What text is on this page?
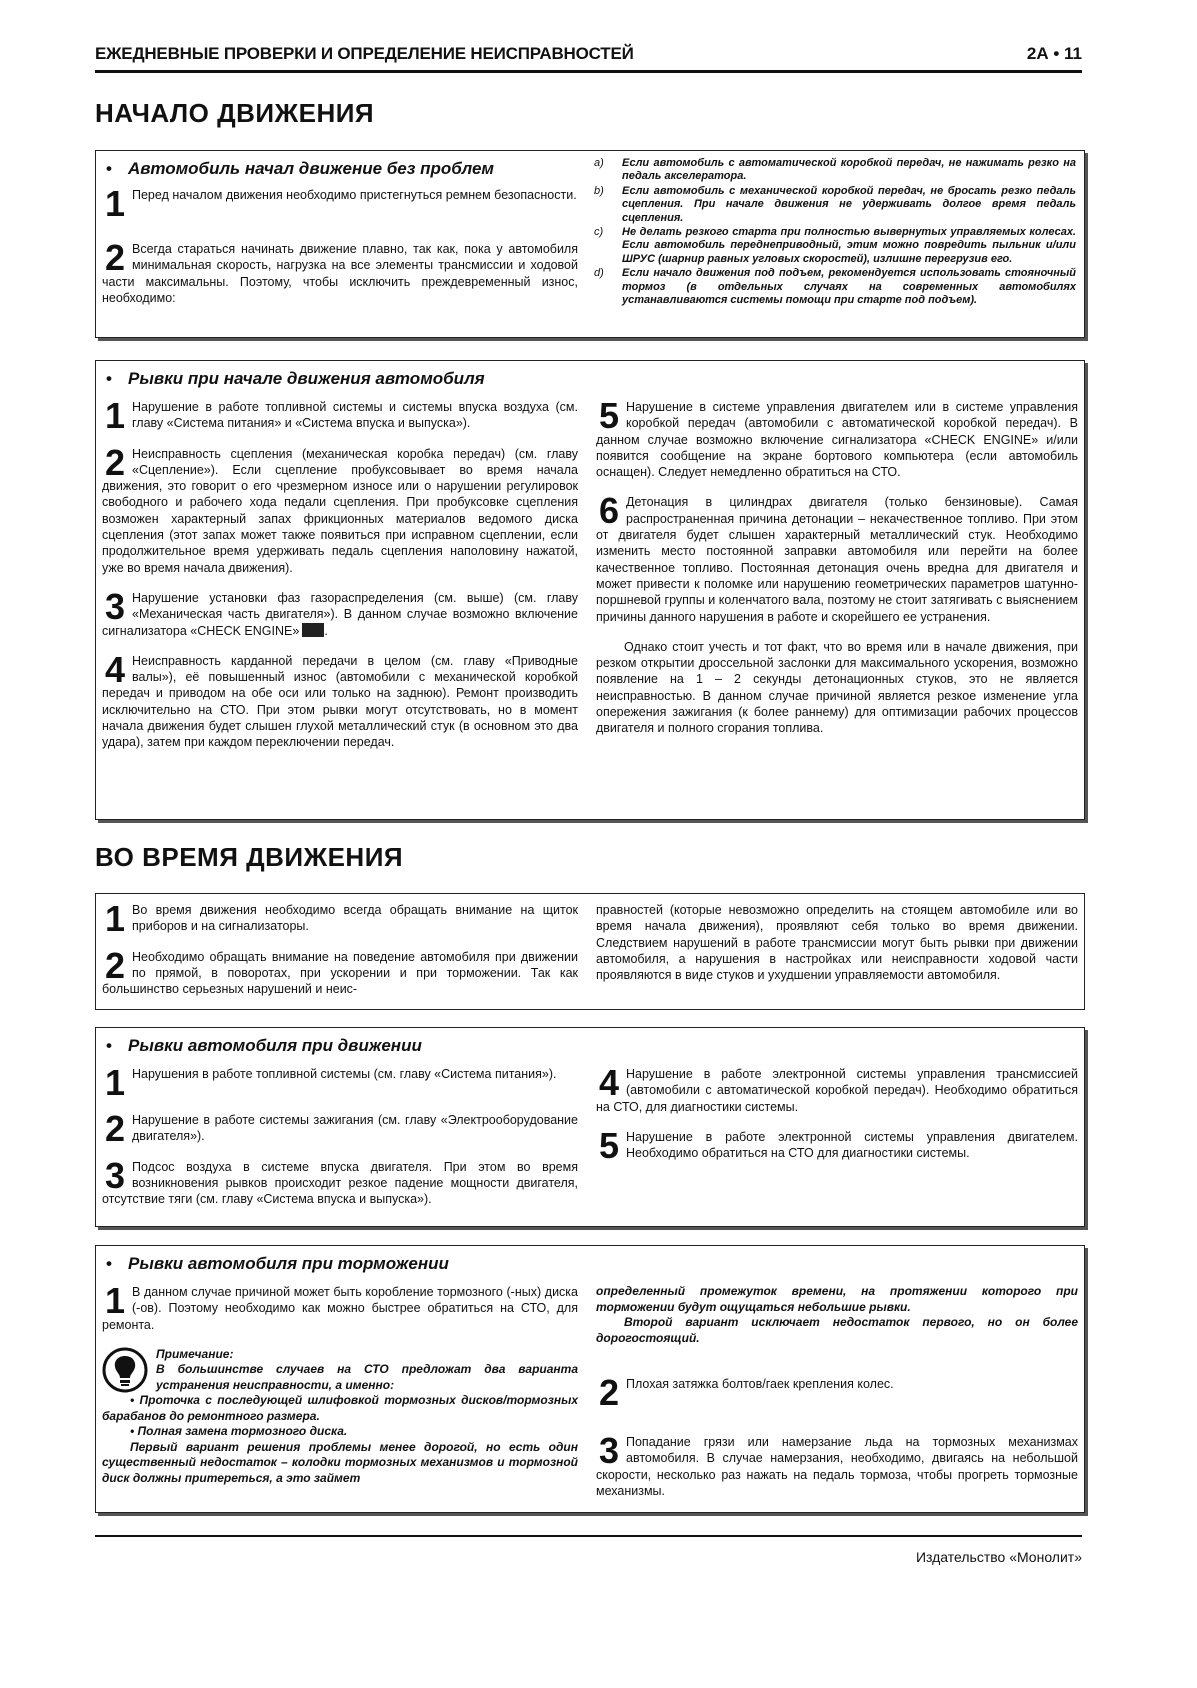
ЕЖЕДНЕВНЫЕ ПРОВЕРКИ И ОПРЕДЕЛЕНИЕ НЕИСПРАВНОСТЕЙ	2А • 11
НАЧАЛО ДВИЖЕНИЯ
• Автомобиль начал движение без проблем
1 Перед началом движения необходимо пристегнуться ремнем безопасности.
2 Всегда стараться начинать движение плавно, так как, пока у автомобиля минимальная скорость, нагрузка на все элементы трансмиссии и ходовой части максимальны. Поэтому, чтобы исключить преждевременный износ, необходимо:
a)	Если автомобиль с автоматической коробкой передач, не нажимать резко на педаль акселератора.
b)	Если автомобиль с механической коробкой передач, не бросать резко педаль сцепления. При начале движения не удерживать долгое время педаль сцепления.
c)	Не делать резкого старта при полностью вывернутых управляемых колесах. Если автомобиль переднеприводный, этим можно повредить пыльник и/или ШРУС (шарнир равных угловых скоростей), излишне перегрузив его.
d)	Если начало движения под подъем, рекомендуется использовать стояночный тормоз (в отдельных случаях на современных автомобилях устанавливаются системы помощи при старте под подъем).
• Рывки при начале движения автомобиля
1 Нарушение в работе топливной системы и системы впуска воздуха (см. главу «Система питания» и «Система впуска и выпуска»).
2 Неисправность сцепления (механическая коробка передач) (см. главу «Сцепление»). Если сцепление пробуксовывает во время начала движения, это говорит о его чрезмерном износе или о нарушении регулировок свободного и рабочего хода педали сцепления. При пробуксовке сцепления возможен характерный запах фрикционных материалов ведомого диска сцепления (этот запах может также появиться при исправном сцеплении, если продолжительное время удерживать педаль сцепления наполовину нажатой, уже во время начала движения).
3 Нарушение установки фаз газораспределения (см. выше) (см. главу «Механическая часть двигателя»). В данном случае возможно включение сигнализатора «CHECK ENGINE» .
4 Неисправность карданной передачи в целом (см. главу «Приводные валы»), её повышенный износ (автомобили с механической коробкой передач и приводом на обе оси или только на заднюю). Ремонт производить исключительно на СТО. При этом рывки могут отсутствовать, но в момент начала движения будет слышен глухой металлический стук (в основном это два удара), затем при каждом переключении передач.
5 Нарушение в системе управления двигателем или в системе управления коробкой передач (автомобили с автоматической коробкой передач). В данном случае возможно включение сигнализатора «CHECK ENGINE» и/или появится сообщение на экране бортового компьютера (если автомобиль оснащен). Следует немедленно обратиться на СТО.
6 Детонация в цилиндрах двигателя (только бензиновые). Самая распространенная причина детонации – некачественное топливо. При этом от двигателя будет слышен характерный металлический стук. Необходимо изменить место постоянной заправки автомобиля или перейти на более качественное топливо. Постоянная детонация очень вредна для двигателя и может привести к поломке или нарушению геометрических параметров шатунно-поршневой группы и коленчатого вала, поэтому не стоит затягивать с выяснением причины данного нарушения в работе и скорейшего ее устранения.

Однако стоит учесть и тот факт, что во время или в начале движения, при резком открытии дроссельной заслонки для максимального ускорения, возможно появление на 1 – 2 секунды детонационных стуков, это не является неисправностью. В данном случае причиной является резкое изменение угла опережения зажигания (к более раннему) для оптимизации рабочих процессов двигателя и полного сгорания топлива.

ВО ВРЕМЯ ДВИЖЕНИЯ
1 Во время движения необходимо всегда обращать внимание на щиток приборов и на сигнализаторы.
2 Необходимо обращать внимание на поведение автомобиля при движении по прямой, в поворотах, при ускорении и при торможении. Так как большинство серьезных нарушений и неис-

правностей (которые невозможно определить на стоящем автомобиле или во время начала движения), проявляют себя только во время движении. Следствием нарушений в работе трансмиссии могут быть рывки при движении автомобиля, а нарушения в настройках или неисправности ходовой части проявляются в виде стуков и ухудшении управляемости автомобиля.

• Рывки автомобиля при движении
1 Нарушения в работе топливной системы (см. главу «Система питания»).
2 Нарушение в работе системы зажигания (см. главу «Электрооборудование двигателя»).
3 Подсос воздуха в системе впуска двигателя. При этом во время возникновения рывков происходит резкое падение мощности двигателя, отсутствие тяги (см. главу «Система впуска и выпуска»).
4 Нарушение в работе электронной системы управления трансмиссией (автомобили с автоматической коробкой передач). Необходимо обратиться на СТО, для диагностики системы.
5 Нарушение в работе электронной системы управления двигателем. Необходимо обратиться на СТО для диагностики системы.
• Рывки автомобиля при торможении
1 В данном случае причиной может быть коробление тормозного (-ных) диска (-ов). Поэтому необходимо как можно быстрее обратиться на СТО, для ремонта.
Примечание:
В большинстве случаев на СТО предложат два варианта устранения неисправности, а именно:
• Проточка с последующей шлифовкой тормозных дисков/тормозных барабанов до ремонтного размера.
• Полная замена тормозного диска.
Первый вариант решения проблемы менее дорогой, но есть один существенный недостаток – колодки тормозных механизмов и тормозной диск должны притереться, а это займет
определенный промежуток времени, на протяжении которого при торможении будут ощущаться небольшие рывки.
Второй вариант исключает недостаток первого, но он более дорогостоящий.
2 Плохая затяжка болтов/гаек крепления колес.
3 Попадание грязи или намерзание льда на тормозных механизмах автомобиля. В случае намерзания, необходимо, двигаясь на небольшой скорости, несколько раз нажать на педаль тормоза, чтобы прогреть тормозные механизмы.
Издательство «Монолит»
